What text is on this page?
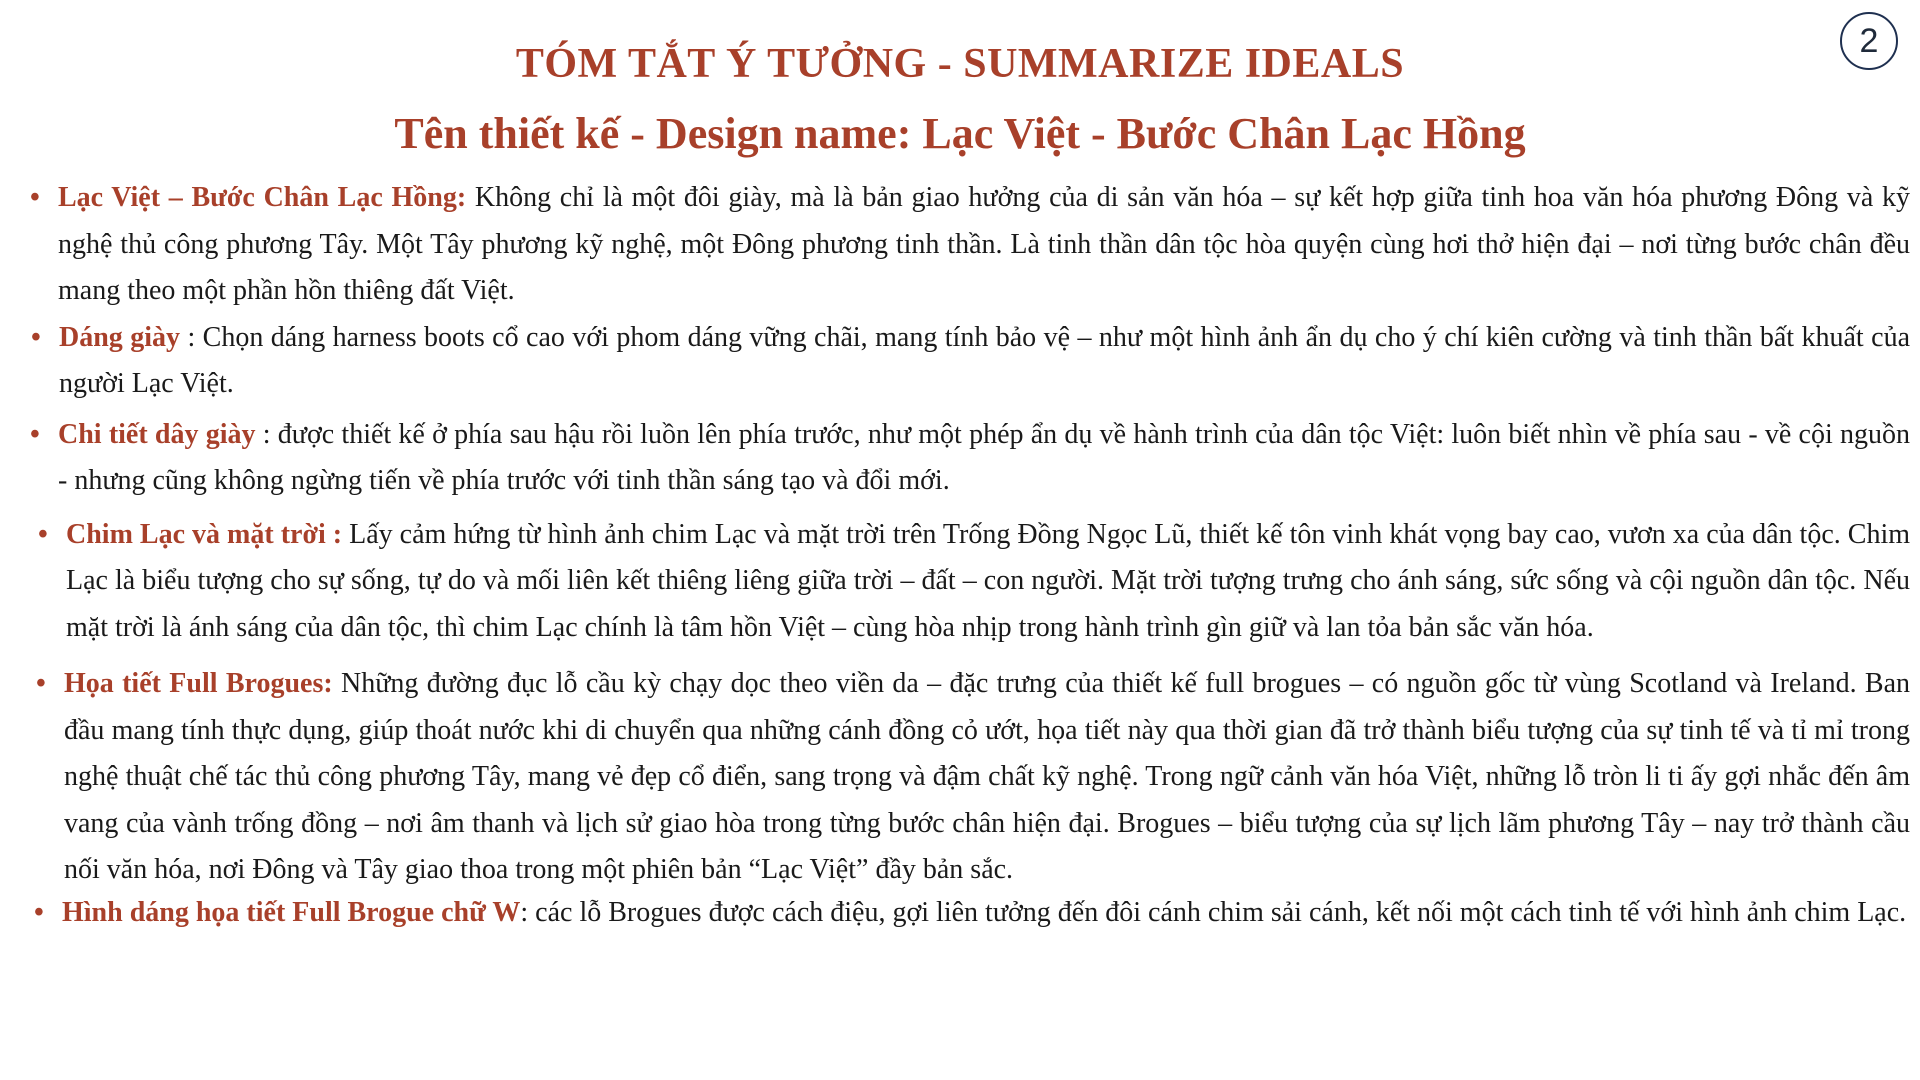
2
TÓM TẮT Ý TƯỞNG - SUMMARIZE IDEALS
Tên thiết kế - Design name: Lạc Việt - Bước Chân Lạc Hồng
• Lạc Việt – Bước Chân Lạc Hồng: Không chỉ là một đôi giày, mà là bản giao hưởng của di sản văn hóa – sự kết hợp giữa tinh hoa văn hóa phương Đông và kỹ nghệ thủ công phương Tây. Một Tây phương kỹ nghệ, một Đông phương tinh thần. Là tinh thần dân tộc hòa quyện cùng hơi thở hiện đại – nơi từng bước chân đều mang theo một phần hồn thiêng đất Việt.
• Dáng giày : Chọn dáng harness boots cổ cao với phom dáng vững chãi, mang tính bảo vệ – như một hình ảnh ẩn dụ cho ý chí kiên cường và tinh thần bất khuất của người Lạc Việt.
• Chi tiết dây giày : được thiết kế ở phía sau hậu rồi luồn lên phía trước, như một phép ẩn dụ về hành trình của dân tộc Việt: luôn biết nhìn về phía sau - về cội nguồn - nhưng cũng không ngừng tiến về phía trước với tinh thần sáng tạo và đổi mới.
• Chim Lạc và mặt trời : Lấy cảm hứng từ hình ảnh chim Lạc và mặt trời trên Trống Đồng Ngọc Lũ, thiết kế tôn vinh khát vọng bay cao, vươn xa của dân tộc. Chim Lạc là biểu tượng cho sự sống, tự do và mối liên kết thiêng liêng giữa trời – đất – con người. Mặt trời tượng trưng cho ánh sáng, sức sống và cội nguồn dân tộc. Nếu mặt trời là ánh sáng của dân tộc, thì chim Lạc chính là tâm hồn Việt – cùng hòa nhịp trong hành trình gìn giữ và lan tỏa bản sắc văn hóa.
• Họa tiết Full Brogues: Những đường đục lỗ cầu kỳ chạy dọc theo viền da – đặc trưng của thiết kế full brogues – có nguồn gốc từ vùng Scotland và Ireland. Ban đầu mang tính thực dụng, giúp thoát nước khi di chuyển qua những cánh đồng cỏ ướt, họa tiết này qua thời gian đã trở thành biểu tượng của sự tinh tế và tỉ mỉ trong nghệ thuật chế tác thủ công phương Tây, mang vẻ đẹp cổ điển, sang trọng và đậm chất kỹ nghệ. Trong ngữ cảnh văn hóa Việt, những lỗ tròn li ti ấy gợi nhắc đến âm vang của vành trống đồng – nơi âm thanh và lịch sử giao hòa trong từng bước chân hiện đại. Brogues – biểu tượng của sự lịch lãm phương Tây – nay trở thành cầu nối văn hóa, nơi Đông và Tây giao thoa trong một phiên bản “Lạc Việt” đầy bản sắc.
• Hình dáng họa tiết Full Brogue chữ W: các lỗ Brogues được cách điệu, gợi liên tưởng đến đôi cánh chim sải cánh, kết nối một cách tinh tế với hình ảnh chim Lạc.
